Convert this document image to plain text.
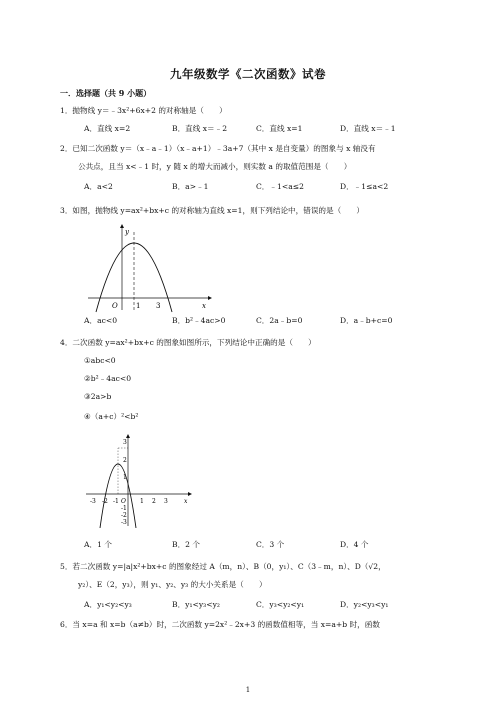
九年级数学《二次函数》试卷
一．选择题（共 9 小题）
1．抛物线 y＝﹣3x²+6x+2 的对称轴是（　　）
A．直线 x=2	B．直线 x＝﹣2	C．直线 x=1	D．直线 x＝﹣1
2．已知二次函数 y＝（x﹣a﹣1）（x﹣a+1）﹣3a+7（其中 x 是自变量）的图象与 x 轴没有
公共点，且当 x<﹣1 时，y 随 x 的增大而减小，则实数 a 的取值范围是（　　）
A．a<2	B．a>﹣1	C．﹣1<a≤2	D．﹣1≤a<2
3．如图，抛物线 y=ax²+bx+c 的对称轴为直线 x=1，则下列结论中，错误的是（　　）
y
x
O	1 3
A．ac<0	B．b²﹣4ac>0	C．2a﹣b=0	D．a﹣b+c=0
4．二次函数 y=ax²+bx+c 的图象如图所示，下列结论中正确的是（　　）
①abc<0
②b²﹣4ac<0
③2a>b
④（a+c）²<b²
-3 -2 -1 O 1 2 3	x
3
2
1
-1
-2
-3
A．1 个	B．2 个	C．3 个	D．4 个
5．若二次函数 y=|a|x²+bx+c 的图象经过 A（m，n）、B（0，y₁）、C（3﹣m，n）、D（√2，
y₂）、E（2，y₃），则 y₁、y₂、y₃ 的大小关系是（　　）
A．y₁<y₂<y₃	B．y₁<y₃<y₂	C．y₃<y₂<y₁	D．y₂<y₃<y₁
6．当 x=a 和 x=b（a≠b）时，二次函数 y=2x²﹣2x+3 的函数值相等，当 x=a+b 时，函数
1
